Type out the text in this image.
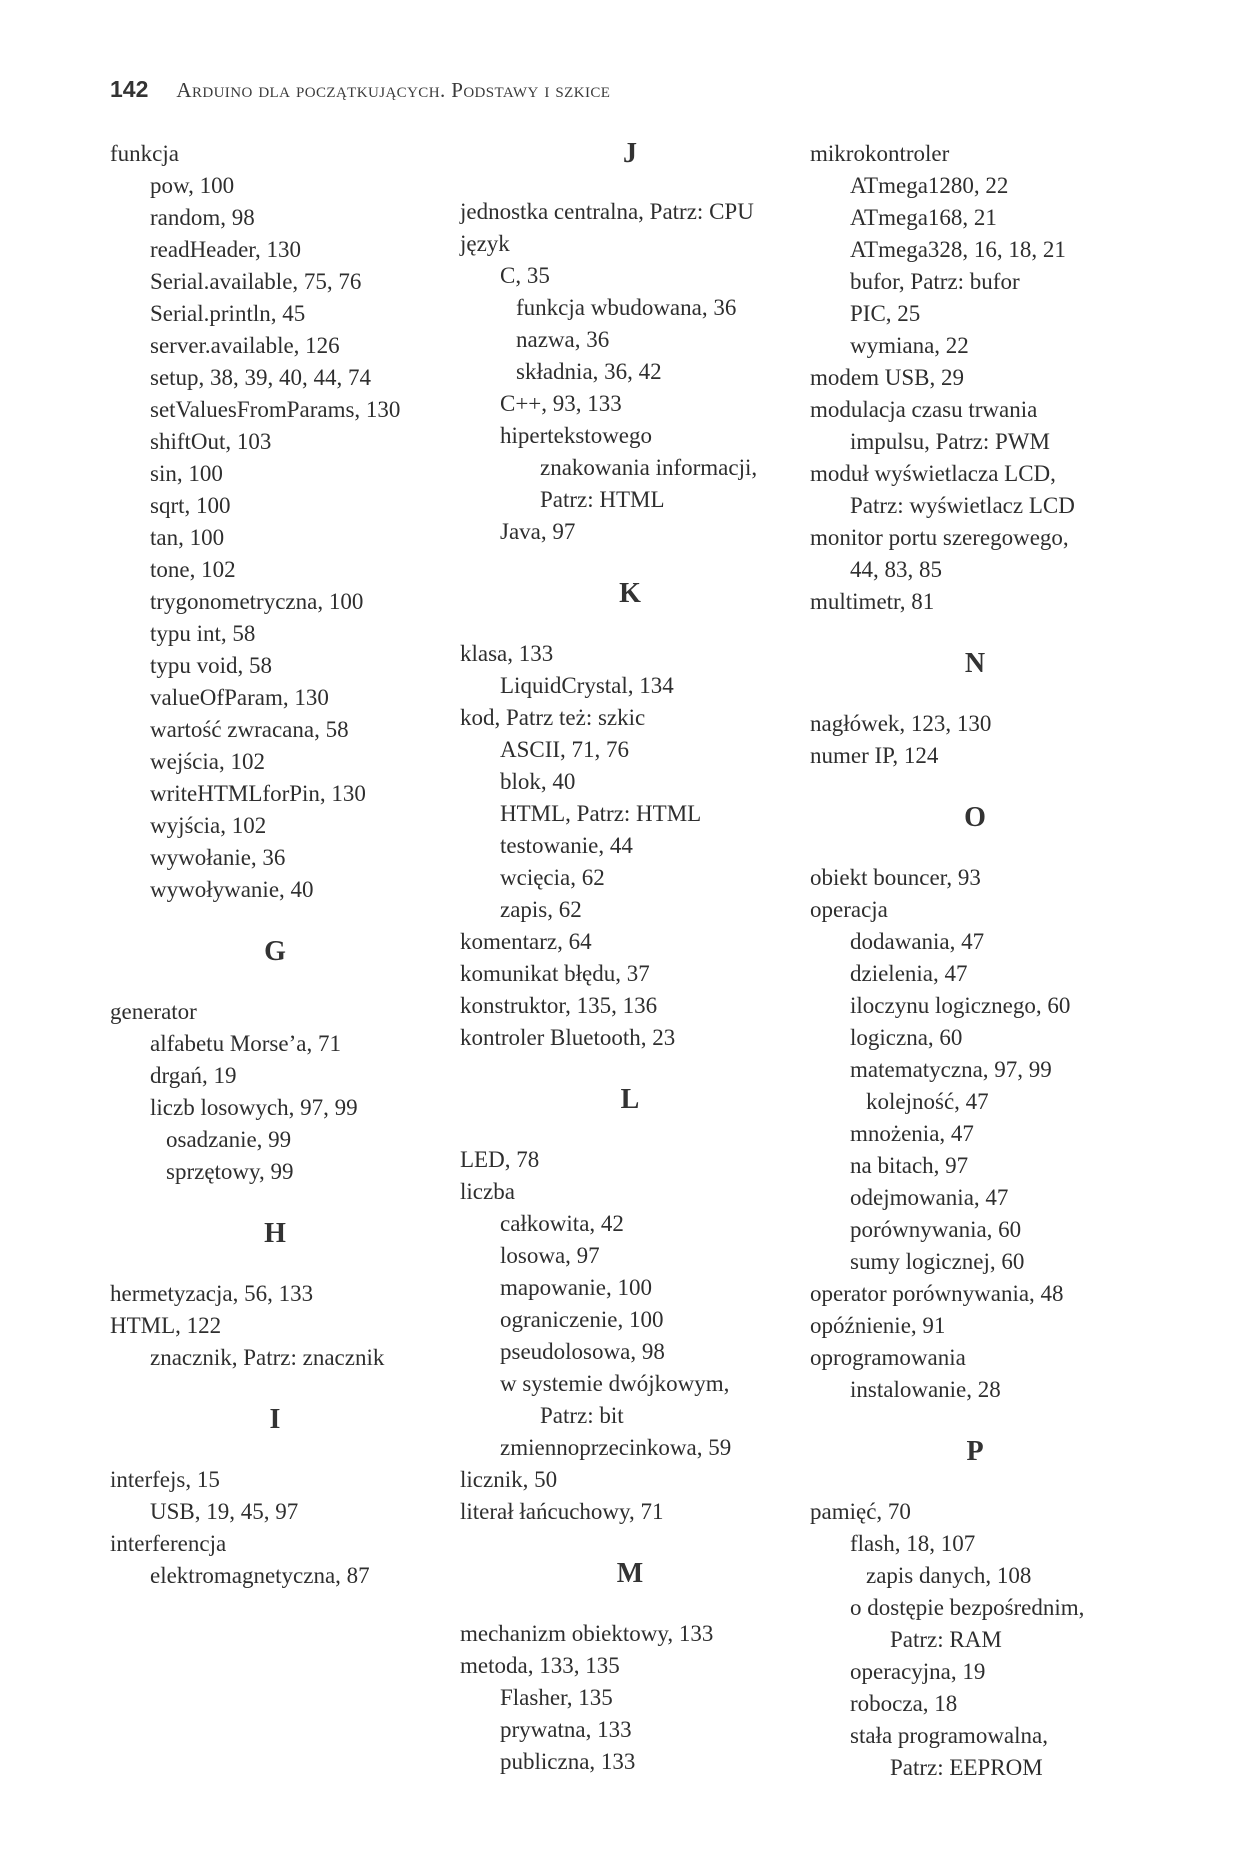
142 Arduino dla początkujących. Podstawy i szkice
funkcja
pow, 100
random, 98
readHeader, 130
Serial.available, 75, 76
Serial.println, 45
server.available, 126
setup, 38, 39, 40, 44, 74
setValuesFromParams, 130
shiftOut, 103
sin, 100
sqrt, 100
tan, 100
tone, 102
trygonometryczna, 100
typu int, 58
typu void, 58
valueOfParam, 130
wartość zwracana, 58
wejścia, 102
writeHTMLforPin, 130
wyjścia, 102
wywołanie, 36
wywoływanie, 40
G
generator
alfabetu Morse’a, 71
drgań, 19
liczb losowych, 97, 99
osadzanie, 99
sprzętowy, 99
H
hermetyzacja, 56, 133
HTML, 122
znacznik, Patrz: znacznik
I
interfejs, 15
USB, 19, 45, 97
interferencja
elektromagnetyczna, 87
J
jednostka centralna, Patrz: CPU
język
C, 35
funkcja wbudowana, 36
nazwa, 36
składnia, 36, 42
C++, 93, 133
hipertekstowego
znakowania informacji,
Patrz: HTML
Java, 97
K
klasa, 133
LiquidCrystal, 134
kod, Patrz też: szkic
ASCII, 71, 76
blok, 40
HTML, Patrz: HTML
testowanie, 44
wcięcia, 62
zapis, 62
komentarz, 64
komunikat błędu, 37
konstruktor, 135, 136
kontroler Bluetooth, 23
L
LED, 78
liczba
całkowita, 42
losowa, 97
mapowanie, 100
ograniczenie, 100
pseudolosowa, 98
w systemie dwójkowym,
Patrz: bit
zmiennoprzecinkowa, 59
licznik, 50
literał łańcuchowy, 71
M
mechanizm obiektowy, 133
metoda, 133, 135
Flasher, 135
prywatna, 133
publiczna, 133
mikrokontroler
ATmega1280, 22
ATmega168, 21
ATmega328, 16, 18, 21
bufor, Patrz: bufor
PIC, 25
wymiana, 22
modem USB, 29
modulacja czasu trwania
impulsu, Patrz: PWM
moduł wyświetlacza LCD,
Patrz: wyświetlacz LCD
monitor portu szeregowego,
44, 83, 85
multimetr, 81
N
nagłówek, 123, 130
numer IP, 124
O
obiekt bouncer, 93
operacja
dodawania, 47
dzielenia, 47
iloczynu logicznego, 60
logiczna, 60
matematyczna, 97, 99
kolejność, 47
mnożenia, 47
na bitach, 97
odejmowania, 47
porównywania, 60
sumy logicznej, 60
operator porównywania, 48
opóźnienie, 91
oprogramowania
instalowanie, 28
P
pamięć, 70
flash, 18, 107
zapis danych, 108
o dostępie bezpośrednim,
Patrz: RAM
operacyjna, 19
robocza, 18
stała programowalna,
Patrz: EEPROM
